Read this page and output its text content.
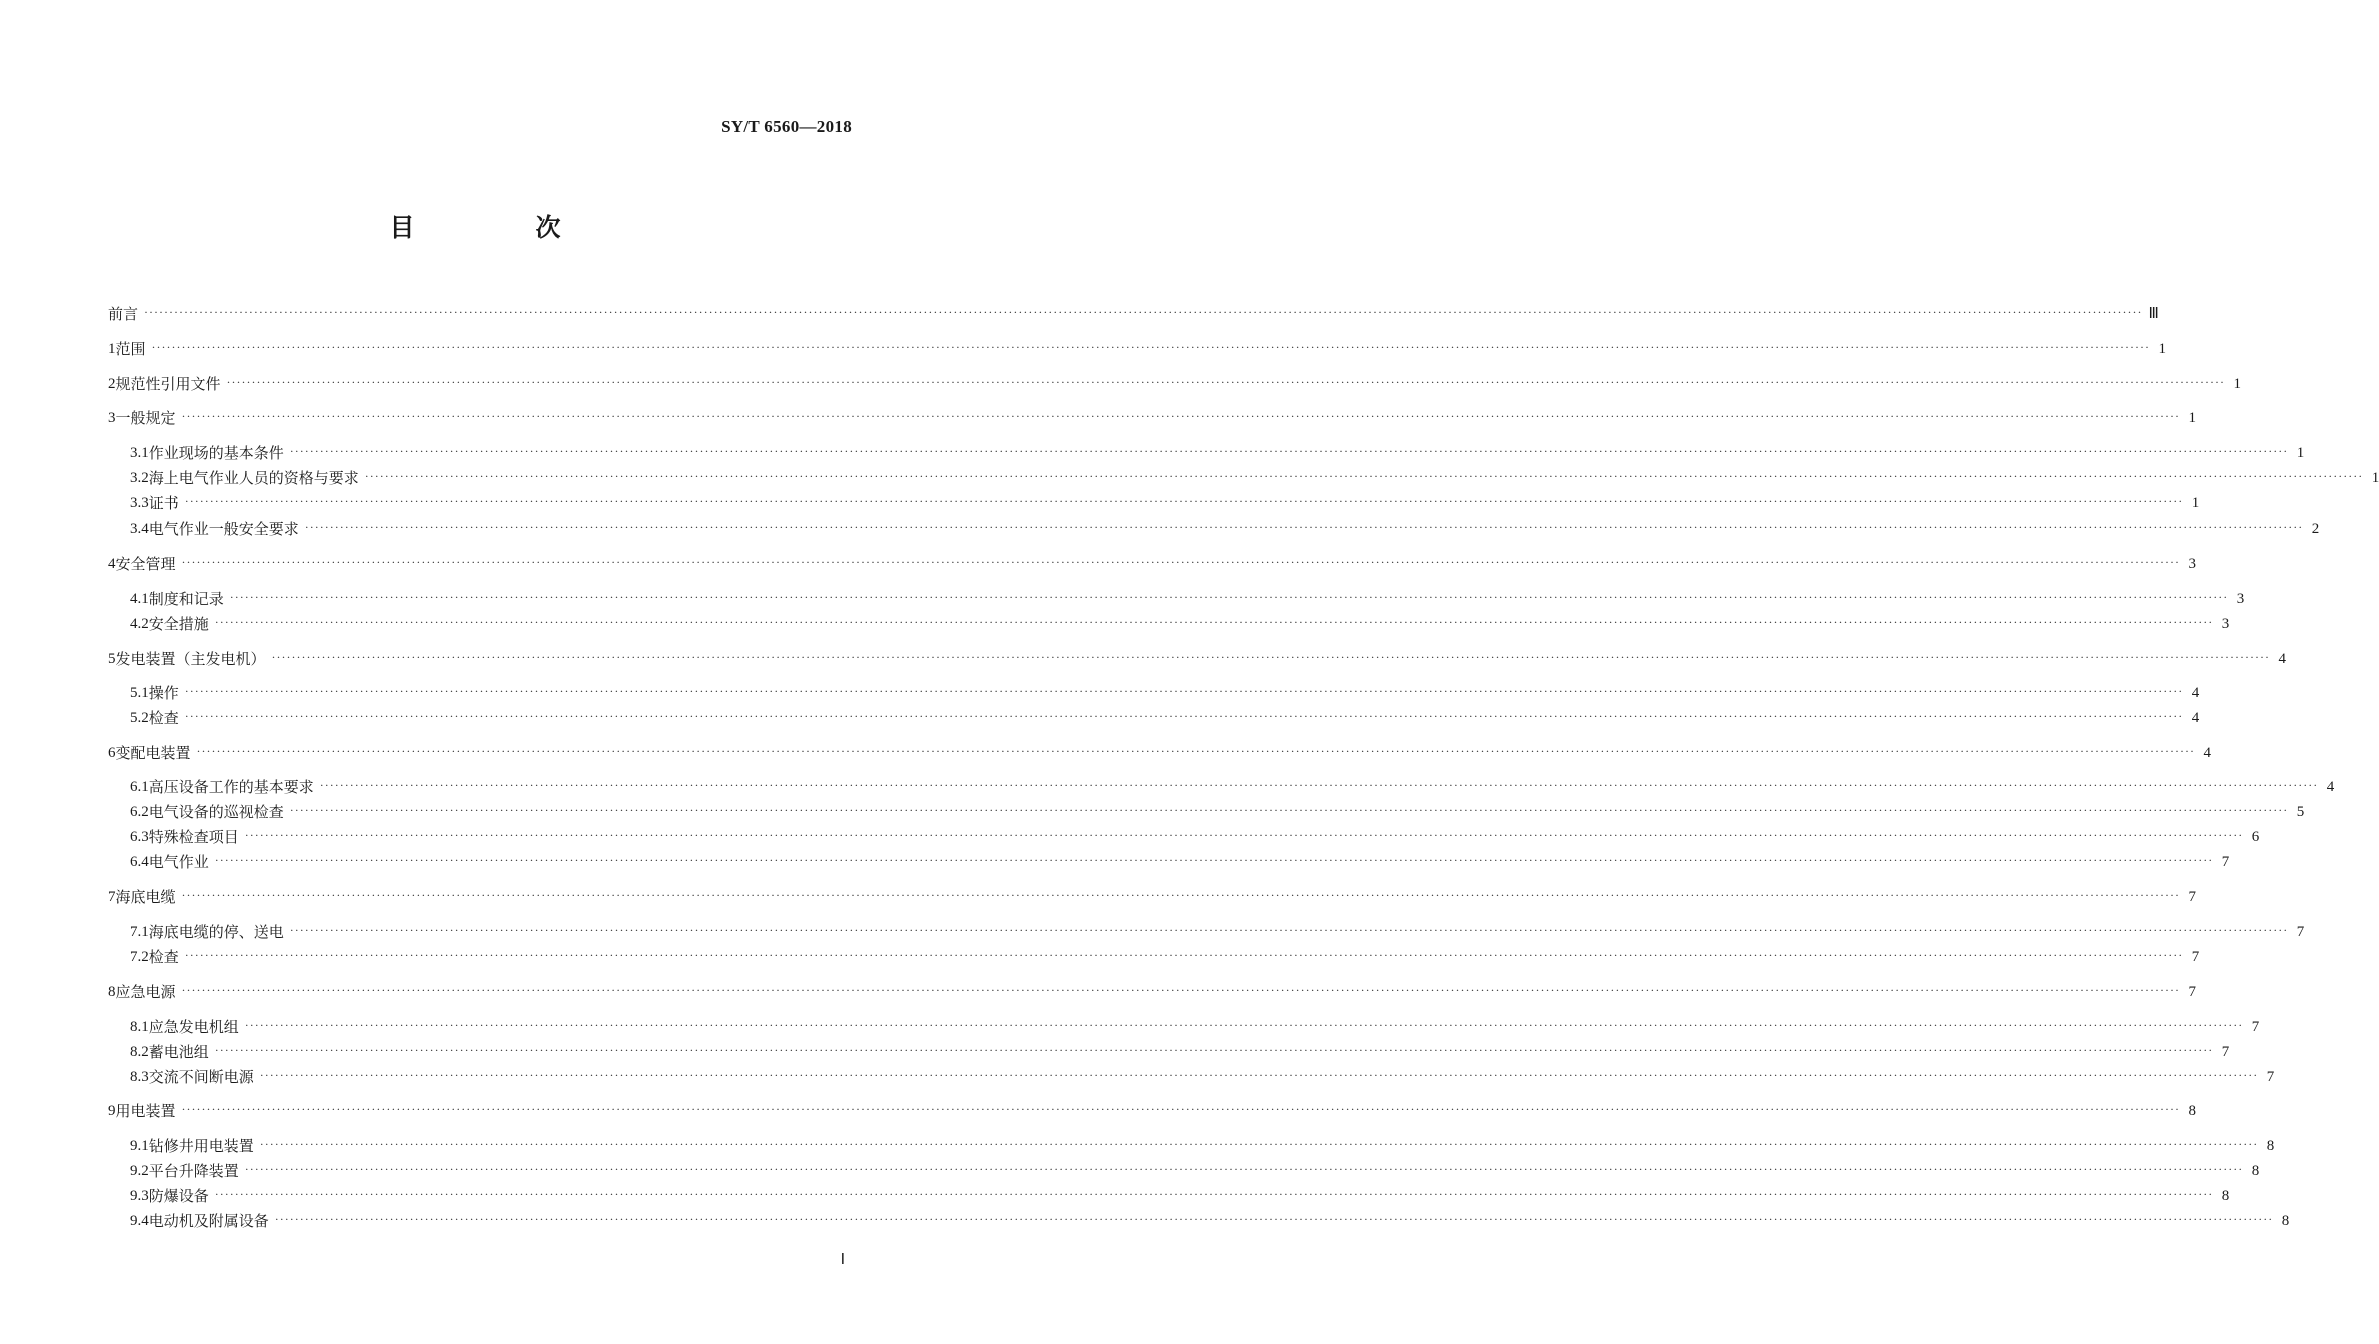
SY/T 6560—2018
目　次
前言 ················································································································································································································································································································································································································ Ⅲ
1 范围 ················································································································································································································································································································································································································ 1
2 规范性引用文件 ················································································································································································································································································································································································································ 1
3 一般规定 ················································································································································································································································································································································································································ 1
3.1 作业现场的基本条件 ················································································································································································································································································································································································································ 1
3.2 海上电气作业人员的资格与要求 ················································································································································································································································································································································································································ 1
3.3 证书 ················································································································································································································································································································································································································ 1
3.4 电气作业一般安全要求 ················································································································································································································································································································································································································ 2
4 安全管理 ················································································································································································································································································································································································································ 3
4.1 制度和记录 ················································································································································································································································································································································································································ 3
4.2 安全措施 ················································································································································································································································································································································································································ 3
5 发电装置（主发电机） ················································································································································································································································································································································································································ 4
5.1 操作 ················································································································································································································································································································································································································ 4
5.2 检查 ················································································································································································································································································································································································································ 4
6 变配电装置 ················································································································································································································································································································································································································ 4
6.1 高压设备工作的基本要求 ················································································································································································································································································································································································································ 4
6.2 电气设备的巡视检查 ················································································································································································································································································································································································································ 5
6.3 特殊检查项目 ················································································································································································································································································································································································································ 6
6.4 电气作业 ················································································································································································································································································································································································································ 7
7 海底电缆 ················································································································································································································································································································································································································ 7
7.1 海底电缆的停、送电 ················································································································································································································································································································································································································ 7
7.2 检查 ················································································································································································································································································································································································································ 7
8 应急电源 ················································································································································································································································································································································································································ 7
8.1 应急发电机组 ················································································································································································································································································································································································································ 7
8.2 蓄电池组 ················································································································································································································································································································································································································ 7
8.3 交流不间断电源 ················································································································································································································································································································································································································ 7
9 用电装置 ················································································································································································································································································································································································································ 8
9.1 钻修井用电装置 ················································································································································································································································································································································································································ 8
9.2 平台升降装置 ················································································································································································································································································································································································································ 8
9.3 防爆设备 ················································································································································································································································································································································································································ 8
9.4 电动机及附属设备 ················································································································································································································································································································································································································ 8
Ⅰ
